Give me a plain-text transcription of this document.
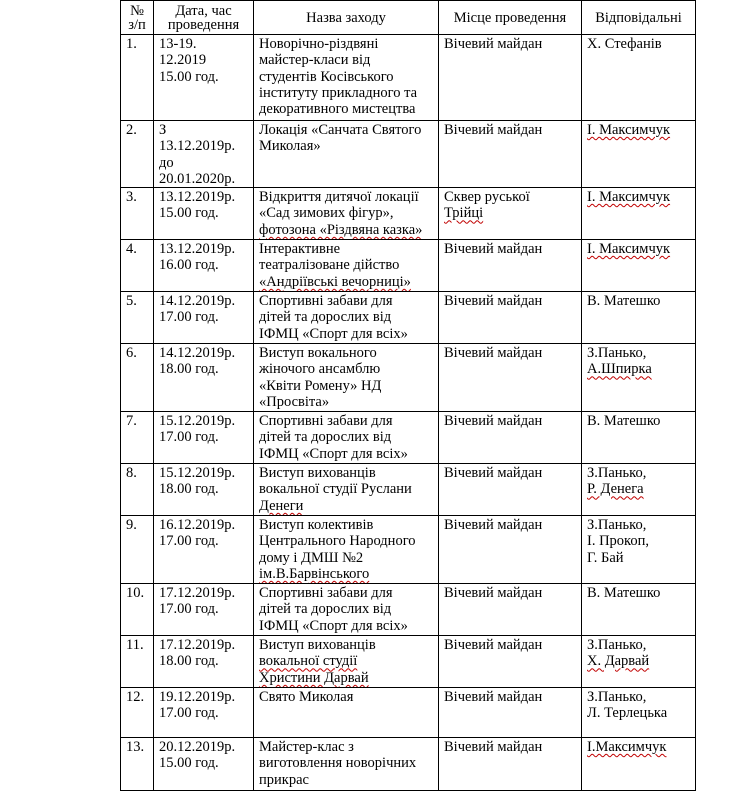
№
з/п	Дата, час
проведення	Назва заходу	Місце проведення	Відповідальні
1.	13-19.
12.2019
15.00 год.	Новорічно-різдвяні
майстер-класи від
студентів Косівського
інституту прикладного та
декоративного мистецтва	Вічевий майдан	Х. Стефанів

2.	З
13.12.2019р.
до
20.01.2020р.	Локація «Санчата Святого
Миколая»	Вічевий майдан	І. Максимчук

3.	13.12.2019р.
15.00 год.	Відкриття дитячої локації
«Сад зимових фігур»,
фотозона «Різдвяна казка»	Сквер руської
Трійці	І. Максимчук

4.	13.12.2019р.
16.00 год.	Інтерактивне
театралізоване дійство
«Андріївські вечорниці»	Вічевий майдан	І. Максимчук

5.	14.12.2019р.
17.00 год.	Спортивні забави для
дітей та дорослих від
ІФМЦ «Спорт для всіх»	Вічевий майдан	В. Матешко

6.	14.12.2019р.
18.00 год.	Виступ вокального
жіночого ансамблю
«Квіти Ромену» НД
«Просвіта»	Вічевий майдан	З.Панько,
А.Шпирка

7.	15.12.2019р.
17.00 год.	Спортивні забави для
дітей та дорослих від
ІФМЦ «Спорт для всіх»	Вічевий майдан	В. Матешко

8.	15.12.2019р.
18.00 год.	Виступ вихованців
вокальної студії Руслани
Денеги	Вічевий майдан	З.Панько,
Р. Денега

9.	16.12.2019р.
17.00 год.	Виступ колективів
Центрального Народного
дому і ДМШ №2
ім.В.Барвінського	Вічевий майдан	З.Панько,
І. Прокоп,
Г. Бай

10.	17.12.2019р.
17.00 год.	Спортивні забави для
дітей та дорослих від
ІФМЦ «Спорт для всіх»	Вічевий майдан	В. Матешко

11.	17.12.2019р.
18.00 год.	Виступ вихованців
вокальної студії
Христини Дарвай	Вічевий майдан	З.Панько,
Х. Дарвай

12.	19.12.2019р.
17.00 год.	Свято Миколая	Вічевий майдан	З.Панько,
Л. Терлецька

13.	20.12.2019р.
15.00 год.	Майстер-клас з
виготовлення новорічних
прикрас	Вічевий майдан	І.Максимчук
